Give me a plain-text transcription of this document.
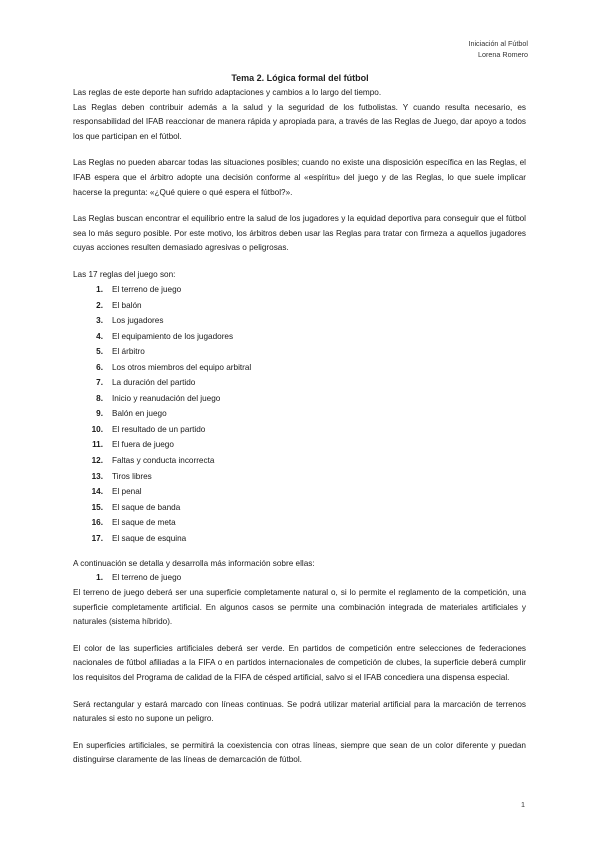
Iniciación al Fútbol
Lorena Romero
Tema 2. Lógica formal del fútbol

Las reglas de este deporte han sufrido adaptaciones y cambios a lo largo del tiempo.

Las Reglas deben contribuir además a la salud y la seguridad de los futbolistas. Y cuando resulta necesario, es responsabilidad del IFAB reaccionar de manera rápida y apropiada para, a través de las Reglas de Juego, dar apoyo a todos los que participan en el fútbol.

Las Reglas no pueden abarcar todas las situaciones posibles; cuando no existe una disposición específica en las Reglas, el IFAB espera que el árbitro adopte una decisión conforme al «espíritu» del juego y de las Reglas, lo que suele implicar hacerse la pregunta: «¿Qué quiere o qué espera el fútbol?».

Las Reglas buscan encontrar el equilibrio entre la salud de los jugadores y la equidad deportiva para conseguir que el fútbol sea lo más seguro posible. Por este motivo, los árbitros deben usar las Reglas para tratar con firmeza a aquellos jugadores cuyas acciones resulten demasiado agresivas o peligrosas.

Las 17 reglas del juego son:

1. El terreno de juego
2. El balón
3. Los jugadores
4. El equipamiento de los jugadores
5. El árbitro
6. Los otros miembros del equipo arbitral
7. La duración del partido
8. Inicio y reanudación del juego
9. Balón en juego
10. El resultado de un partido
11. El fuera de juego
12. Faltas y conducta incorrecta
13. Tiros libres
14. El penal
15. El saque de banda
16. El saque de meta
17. El saque de esquina

A continuación se detalla y desarrolla más información sobre ellas:

1. El terreno de juego

El terreno de juego deberá ser una superficie completamente natural o, si lo permite el reglamento de la competición, una superficie completamente artificial. En algunos casos se permite una combinación integrada de materiales artificiales y naturales (sistema híbrido).

El color de las superficies artificiales deberá ser verde. En partidos de competición entre selecciones de federaciones nacionales de fútbol afiliadas a la FIFA o en partidos internacionales de competición de clubes, la superficie deberá cumplir los requisitos del Programa de calidad de la FIFA de césped artificial, salvo si el IFAB concediera una dispensa especial.

Será rectangular y estará marcado con líneas continuas. Se podrá utilizar material artificial para la marcación de terrenos naturales si esto no supone un peligro.

En superficies artificiales, se permitirá la coexistencia con otras líneas, siempre que sean de un color diferente y puedan distinguirse claramente de las líneas de demarcación de fútbol.

1
